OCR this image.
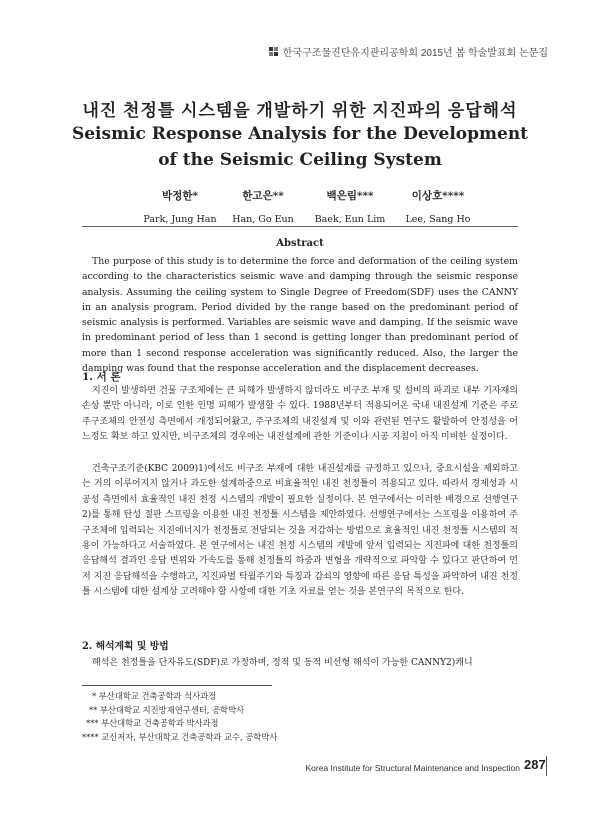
한국구조물진단유지관리공학회 2015년 봄 학술발표회 논문집
내진 천정틀 시스템을 개발하기 위한 지진파의 응답해석
Seismic Response Analysis for the Development
of the Seismic Ceiling System
박정한*
Park, Jung Han
한고은**
Han, Go Eun
백은림***
Baek, Eun Lim
이상호****
Lee, Sang Ho
Abstract
The purpose of this study is to determine the force and deformation of the ceiling system according to the characteristics seismic wave and damping through the seismic response analysis. Assuming the ceiling system to Single Degree of Freedom(SDF) uses the CANNY in an analysis program. Period divided by the range based on the predominant period of seismic analysis is performed. Variables are seismic wave and damping. If the seismic wave in predominant period of less than 1 second is getting longer than predominant period of more than 1 second response acceleration was significantly reduced. Also, the larger the damping was found that the response acceleration and the displacement decreases.
1. 서 론
지진이 발생하면 건물 구조체에는 큰 피해가 발생하지 않더라도 비구조 부재 및 설비의 파괴로 내부 기자재의 손상 뿐만 아니라, 이로 인한 인명 피해가 발생할 수 있다. 1988년부터 적용되어온 국내 내진설계 기준은 주로 주구조체의 안전성 측면에서 개정되어왔고, 주구조체의 내진설계 및 이와 관련된 연구도 활발하여 안정성을 어느정도 확보 하고 있지만, 비구조체의 경우에는 내진설계에 관한 기준이나 시공 지침이 아직 미비한 실정이다.
건축구조기준(KBC 2009)1)에서도 비구조 부재에 대한 내진설계를 규정하고 있으나, 중요시설을 제외하고는 거의 이루어지지 않거나 과도한 설계하중으로 비효율적인 내진 천정틀이 적용되고 있다. 따라서 경제성과 시공성 측면에서 효율적인 내진 천정 시스템의 개발이 필요한 실정이다. 본 연구에서는 이러한 배경으로 선행연구2)를 통해 탄성 절판 스프링을 이용한 내진 천정틀 시스템을 제안하였다. 선행연구에서는 스프링을 이용하여 주구조체에 입력되는 지진에너지가 천정틀로 전달되는 것을 저감하는 방법으로 효율적인 내진 천정틀 시스템의 적용이 가능하다고 서술하였다. 본 연구에서는 내진 천정 시스템의 개발에 앞서 입력되는 지진파에 대한 천정틀의 응답해석 결과인 응답 변위와 가속도를 통해 천정틀의 하중과 변형을 개략적으로 파악할 수 있다고 판단하여 먼저 지진 응답해석을 수행하고, 지진파별 탁월주기와 특징과 감쇠의 영향에 따른 응답 특성을 파악하여 내진 천정틀 시스템에 대한 설계상 고려해야 할 사항에 대한 기초 자료를 얻는 것을 본연구의 목적으로 한다.
2. 해석계획 및 방법
해석은 천정틀을 단자유도(SDF)로 가정하며, 정적 및 동적 비선형 해석이 가능한 CANNY2)캐니
* 부산대학교 건축공학과 석사과정
** 부산대학교 지진방재연구센터, 공학박사
*** 부산대학교 건축공학과 박사과정
**** 교신저자, 부산대학교 건축공학과 교수, 공학박사
Korea Institute for Structural Maintenance and Inspection 287
